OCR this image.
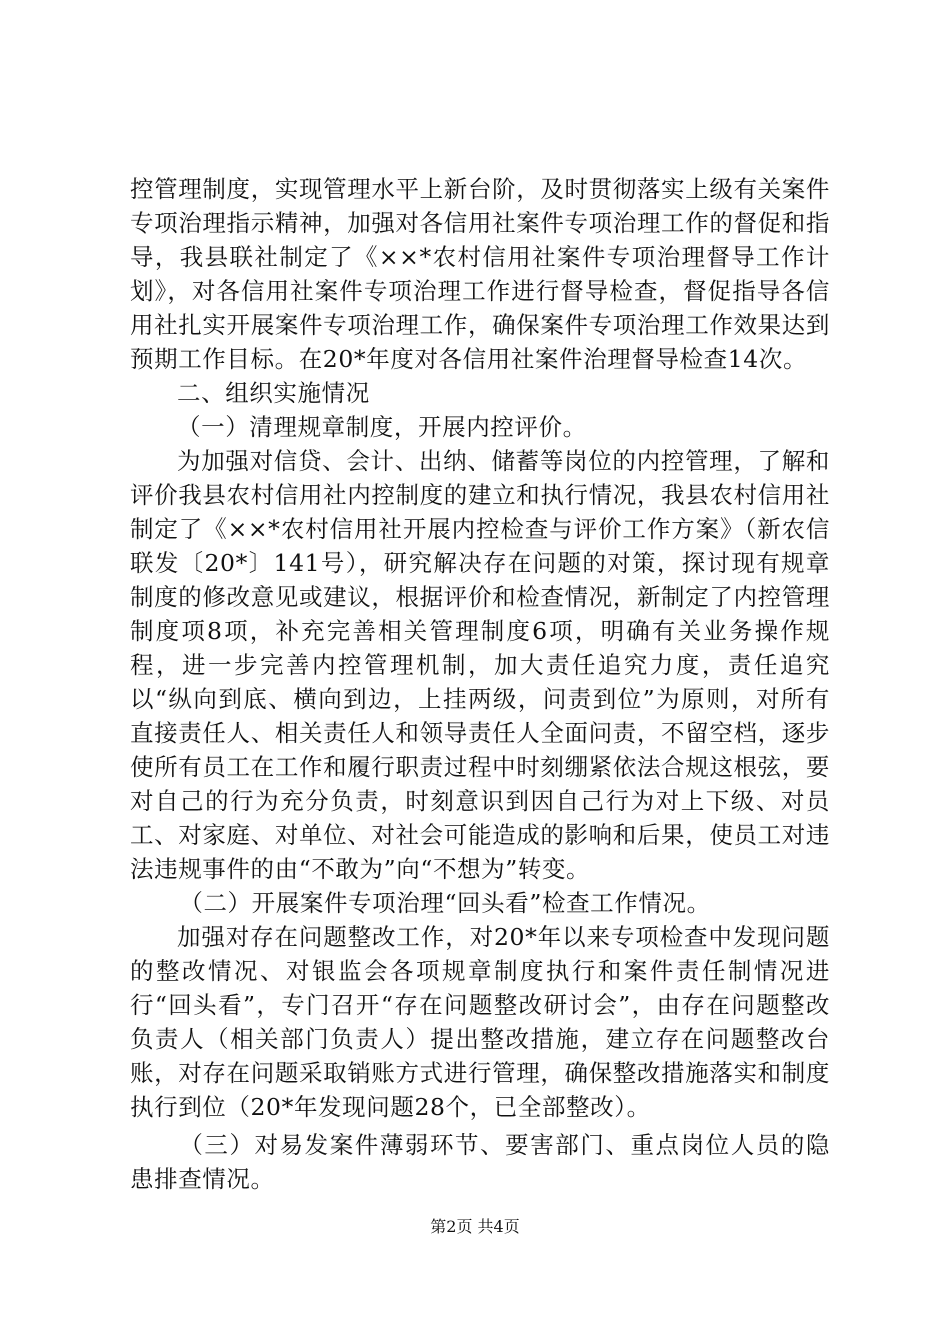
控管理制度，实现管理水平上新台阶，及时贯彻落实上级有关案件专项治理指示精神，加强对各信用社案件专项治理工作的督促和指导，我县联社制定了《××*农村信用社案件专项治理督导工作计划》，对各信用社案件专项治理工作进行督导检查，督促指导各信用社扎实开展案件专项治理工作，确保案件专项治理工作效果达到预期工作目标。在20*年度对各信用社案件治理督导检查14次。

二、组织实施情况

（一）清理规章制度，开展内控评价。

为加强对信贷、会计、出纳、储蓄等岗位的内控管理，了解和评价我县农村信用社内控制度的建立和执行情况，我县农村信用社制定了《××*农村信用社开展内控检查与评价工作方案》（新农信联发〔20*〕141号），研究解决存在问题的对策，探讨现有规章制度的修改意见或建议，根据评价和检查情况，新制定了内控管理制度项8项，补充完善相关管理制度6项，明确有关业务操作规程，进一步完善内控管理机制，加大责任追究力度，责任追究以“纵向到底、横向到边，上挂两级，问责到位”为原则，对所有直接责任人、相关责任人和领导责任人全面问责，不留空档，逐步使所有员工在工作和履行职责过程中时刻绷紧依法合规这根弦，要对自己的行为充分负责，时刻意识到因自己行为对上下级、对员工、对家庭、对单位、对社会可能造成的影响和后果，使员工对违法违规事件的由“不敢为”向“不想为”转变。

（二）开展案件专项治理“回头看”检查工作情况。

加强对存在问题整改工作，对20*年以来专项检查中发现问题的整改情况、对银监会各项规章制度执行和案件责任制情况进行“回头看”，专门召开“存在问题整改研讨会”，由存在问题整改负责人（相关部门负责人）提出整改措施，建立存在问题整改台账，对存在问题采取销账方式进行管理，确保整改措施落实和制度执行到位（20*年发现问题28个，已全部整改）。

（三）对易发案件薄弱环节、要害部门、重点岗位人员的隐患排查情况。

第2页 共4页
